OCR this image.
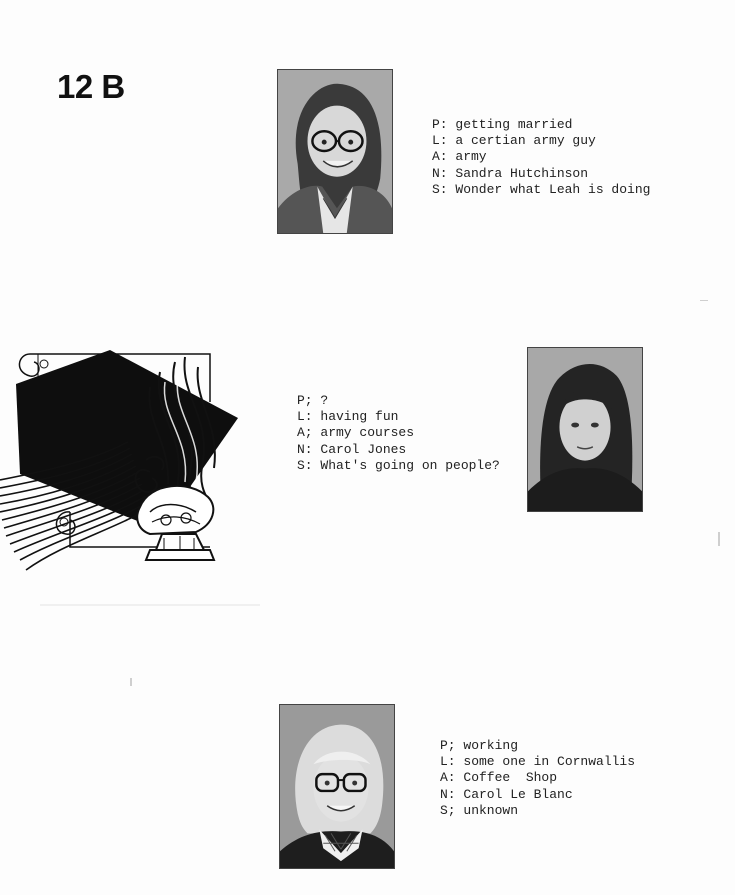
12 B
P: getting married
L: a certian army guy
A: army
N: Sandra Hutchinson
S: Wonder what Leah is doing
P; ?
L: having fun
A; army courses
N: Carol Jones
S: What's going on people?
P; working
L: some one in Cornwallis
A: Coffee  Shop
N: Carol Le Blanc
S; unknown
